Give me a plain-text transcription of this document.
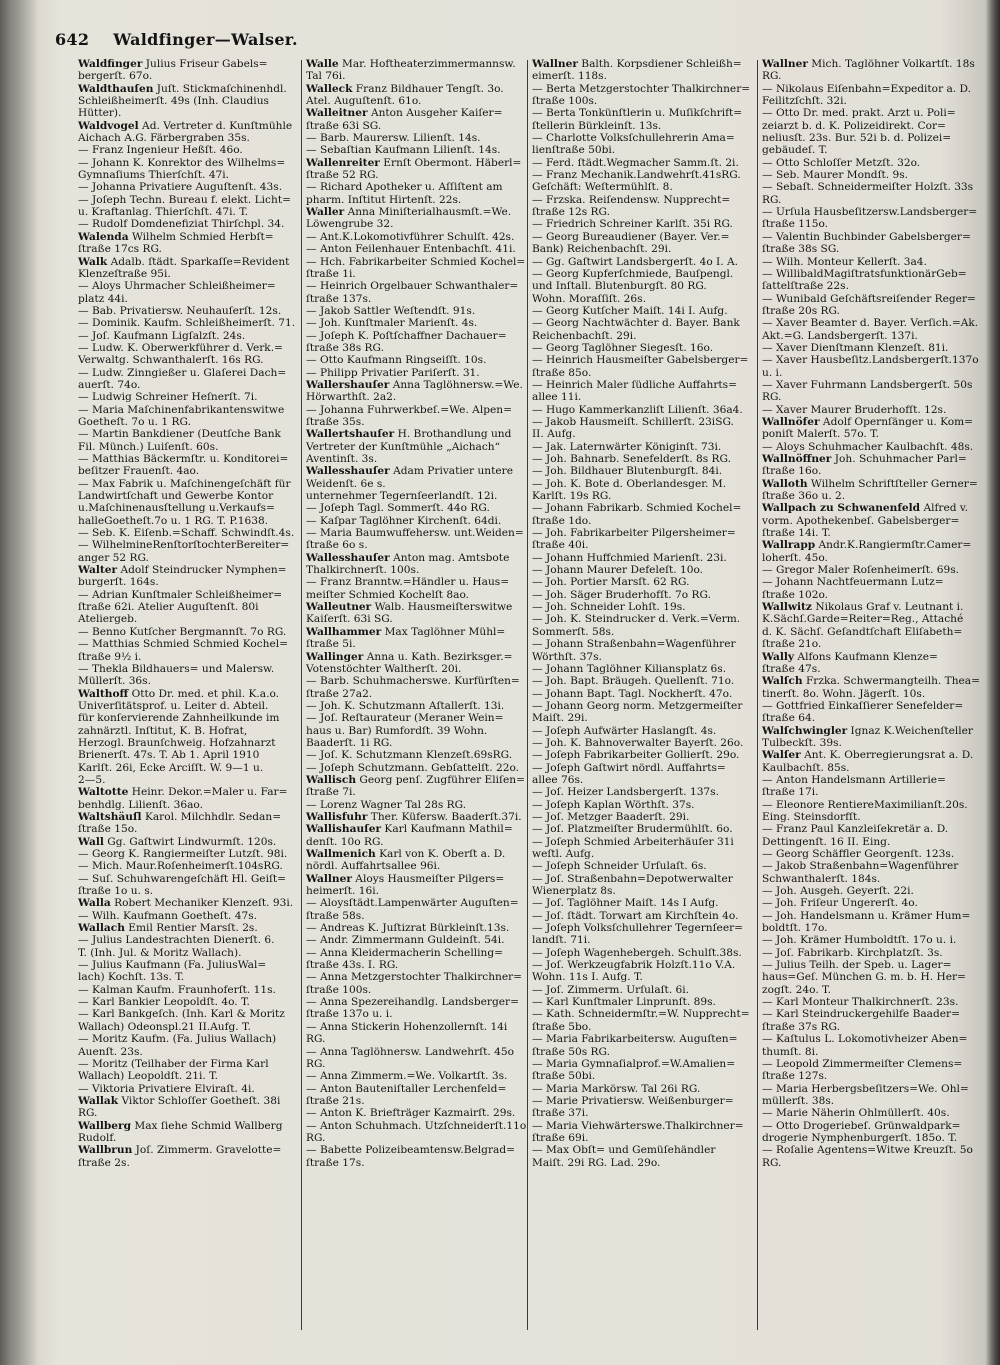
642 Waldfinger—Walser.
Waldfinger Julius Friseur Gabels=
bergerſt. 67o.
Waldthauſen Juſt. Stickmaſchinenhdl.
Schleißheimerſt. 49s (Inh. Claudius
Hütter).
Waldvogel Ad. Vertreter d. Kunſtmühle
Aichach A.G. Färbergraben 35s.
— Franz Ingenieur Heßſt. 46o.
— Johann K. Konrektor des Wilhelms=
Gymnaſiums Thierſchſt. 47i.
— Johanna Privatiere Auguſtenſt. 43s.
— Joſeph Techn. Bureau f. elekt. Licht=
u. Kraftanlag. Thierſchſt. 47i. T.
— Rudolf Domdenefiziat Thirſchpl. 34.
Walenda Wilhelm Schmied Herbſt=
ſtraße 17cs RG.
Walk Adalb. ſtädt. Sparkaſſe=Revident
Klenzeſtraße 95i.
— Aloys Uhrmacher Schleißheimer=
platz 44i.
— Bab. Privatiersw. Neuhauſerſt. 12s.
— Dominik. Kaufm. Schleißheimerſt. 71.
— Joſ. Kaufmann Ligſalzſt. 24s.
— Ludw. K. Oberwerkführer d. Verk.=
Verwaltg. Schwanthalerſt. 16s RG.
— Ludw. Zinngießer u. Glaſerei Dach=
auerſt. 74o.
— Ludwig Schreiner Heſnerſt. 7i.
— Maria Maſchinenfabrikantenswitwe
Goetheſt. 7o u. 1 RG.
— Martin Bankdiener (Deutſche Bank
Fil. Münch.) Luiſenſt. 60s.
— Matthias Bäckermſtr. u. Konditorei=
beſitzer Frauenſt. 4ao.
— Max Fabrik u. Maſchinengeſchäft für
Landwirtſchaft und Gewerbe Kontor
u.Maſchinenausſtellung u.Verkaufs=
halleGoetheſt.7o u. 1 RG. T. P.1638.
— Seb. K. Eiſenb.=Schaff. Schwindſt.4s.
— WilhelmineRenſtorſtochterBereiter=
anger 52 RG.
Walter Adolf Steindrucker Nymphen=
burgerſt. 164s.
— Adrian Kunſtmaler Schleißheimer=
ſtraße 62i. Atelier Auguſtenſt. 80i
Ateliergeb.
— Benno Kutſcher Bergmannſt. 7o RG.
— Matthias Schmied Schmied Kochel=
ſtraße 9½ i.
— Thekla Bildhauers= und Malersw.
Müllerſt. 36s.
Walthoff Otto Dr. med. et phil. K.a.o.
Univerſitätsprof. u. Leiter d. Abteil.
für konſervierende Zahnheilkunde im
zahnärztl. Inſtitut, K. B. Hofrat,
Herzogl. Braunſchweig. Hofzahnarzt
Brienerſt. 47s. T. Ab 1. April 1910
Karlſt. 26i, Ecke Arciſſt. W. 9—1 u.
2—5.
Waltotte Heinr. Dekor.=Maler u. Far=
benhdlg. Lilienſt. 36ao.
Waltshäuſl Karol. Milchhdlr. Sedan=
ſtraße 15o.
Wall Gg. Gaſtwirt Lindwurmſt. 120s.
— Georg K. Rangiermeiſter Lutzſt. 98i.
— Mich. Maur.Roſenheimerſt.104sRG.
— Suſ. Schuhwarengeſchäft Hl. Geiſt=
ſtraße 1o u. s.
Walla Robert Mechaniker Klenzeſt. 93i.
— Wilh. Kaufmann Goetheſt. 47s.
Wallach Emil Rentier Marsſt. 2s.
— Julius Landestrachten Dienerſt. 6.
T. (Inh. Jul. & Moritz Wallach).
— Julius Kaufmann (Fa. JuliusWal=
lach) Kochſt. 13s. T.
— Kalman Kaufm. Fraunhoferſt. 11s.
— Karl Bankier Leopoldſt. 4o. T.
— Karl Bankgeſch. (Inh. Karl & Moritz
Wallach) Odeonspl.21 II.Aufg. T.
— Moritz Kaufm. (Fa. Julius Wallach)
Auenſt. 23s.
— Moritz (Teilhaber der Firma Karl
Wallach) Leopoldſt. 21i. T.
— Viktoria Privatiere Elviraſt. 4i.
Wallak Viktor Schloſſer Goetheſt. 38i
RG.
Wallberg Max ſiehe Schmid Wallberg
Rudolf.
Wallbrun Joſ. Zimmerm. Gravelotte=
ſtraße 2s.
Walle Mar. Hoftheaterzimmermannsw.
Tal 76i.
Walleck Franz Bildhauer Tengſt. 3o.
Atel. Auguſtenſt. 61o.
Walleitner Anton Ausgeher Kaiſer=
ſtraße 63i SG.
— Barb. Maurersw. Lilienſt. 14s.
— Sebaſtian Kaufmann Lilienſt. 14s.
Wallenreiter Ernſt Obermont. Häberl=
ſtraße 52 RG.
— Richard Apotheker u. Aſſiſtent am
pharm. Inſtitut Hirtenſt. 22s.
Waller Anna Miniſterialhausmſt.=We.
Löwengrube 32.
— Ant.K.Lokomotivführer Schulſt. 42s.
— Anton Feilenhauer Entenbachſt. 41i.
— Hch. Fabrikarbeiter Schmied Kochel=
ſtraße 1i.
— Heinrich Orgelbauer Schwanthaler=
ſtraße 137s.
— Jakob Sattler Weſtendſt. 91s.
— Joh. Kunſtmaler Marienſt. 4s.
— Joſeph K. Poſtſchaffner Dachauer=
ſtraße 38s RG.
— Otto Kaufmann Ringseiſſt. 10s.
— Philipp Privatier Pariſerſt. 31.
Wallershauſer Anna Taglöhnersw.=We.
Hörwarthſt. 2a2.
— Johanna Fuhrwerkbeſ.=We. Alpen=
ſtraße 35s.
Wallertshauſer H. Brothandlung und
Vertreter der Kunſtmühle „Aichach“
Aventinſt. 3s.
Wallesshauſer Adam Privatier untere
Weidenſt. 6e s.
unternehmer Tegernſeerlandſt. 12i.
— Joſeph Tagl. Sommerſt. 44o RG.
— Kaſpar Taglöhner Kirchenſt. 64di.
— Maria Baumwuffehersw. unt.Weiden=
ſtraße 6o s.
Wallesshauſer Anton mag. Amtsbote
Thalkirchnerſt. 100s.
— Franz Branntw.=Händler u. Haus=
meiſter Schmied Kochelſt 8ao.
Walleutner Walb. Hausmeiſterswitwe
Kaiſerſt. 63i SG.
Wallhammer Max Taglöhner Mühl=
ſtraße 5i.
Wallinger Anna u. Kath. Bezirksger.=
Votenstöchter Waltherſt. 20i.
— Barb. Schuhmacherswe. Kurfürſten=
ſtraße 27a2.
— Joh. K. Schutzmann Aſtallerſt. 13i.
— Joſ. Reſtaurateur (Meraner Wein=
haus u. Bar) Rumfordſt. 39 Wohn.
Baaderſt. 1i RG.
— Joſ. K. Schutzmann Klenzeſt.69sRG.
— Joſeph Schutzmann. Gebſattelſt. 22o.
Wallisch Georg penſ. Zugführer Eliſen=
ſtraße 7i.
— Lorenz Wagner Tal 28s RG.
Wallisfuhr Ther. Küfersw. Baaderſt.37i.
Wallishauſer Karl Kaufmann Mathil=
denſt. 10o RG.
Wallmenich Karl von K. Oberſt a. D.
nördl. Auffahrtsallee 96i.
Wallner Aloys Hausmeiſter Pilgers=
heimerſt. 16i.
— Aloysſtädt.Lampenwärter Auguſten=
ſtraße 58s.
— Andreas K. Juſtizrat Bürkleinſt.13s.
— Andr. Zimmermann Guldeinſt. 54i.
— Anna Kleidermacherin Schelling=
ſtraße 43s. I. RG.
— Anna Metzgerstochter Thalkirchner=
ſtraße 100s.
— Anna Spezereihandlg. Landsberger=
ſtraße 137o u. i.
— Anna Stickerin Hohenzollernſt. 14i
RG.
— Anna Taglöhnersw. Landwehrſt. 45o
RG.
— Anna Zimmerm.=We. Volkartſt. 3s.
— Anton Bauteniſtaller Lerchenfeld=
ſtraße 21s.
— Anton K. Briefträger Kazmairſt. 29s.
— Anton Schuhmach. Utzſchneiderſt.11o
RG.
— Babette Polizeibeamtensw.Belgrad=
ſtraße 17s.
Wallner Balth. Korpsdiener Schleißh=
eimerſt. 118s.
— Berta Metzgerstochter Thalkirchner=
ſtraße 100s.
— Berta Tonkünſtlerin u. Muſikſchrift=
ſtellerin Bürkleinſt. 13s.
— Charlotte Volksſchullehrerin Ama=
lienſtraße 50bi.
— Ferd. ſtädt.Wegmacher Samm.ſt. 2i.
— Franz Mechanik.Landwehrſt.41sRG.
Geſchäft: Weſtermühlſt. 8.
— Frzska. Reiſendensw. Nupprecht=
ſtraße 12s RG.
— Friedrich Schreiner Karlſt. 35i RG.
— Georg Bureaudiener (Bayer. Ver.=
Bank) Reichenbachſt. 29i.
— Gg. Gaſtwirt Landsbergerſt. 4o I. A.
— Georg Kupferſchmiede, Bauſpengl.
und Inſtall. Blutenburgſt. 80 RG.
Wohn. Moraſſiſt. 26s.
— Georg Kutſcher Maiſt. 14i I. Aufg.
— Georg Nachtwächter d. Bayer. Bank
Reichenbachſt. 29i.
— Georg Taglöhner Siegesſt. 16o.
— Heinrich Hausmeiſter Gabelsberger=
ſtraße 85o.
— Heinrich Maler ſüdliche Auffahrts=
allee 11i.
— Hugo Kammerkanzliſt Lilienſt. 36a4.
— Jakob Hausmeiſt. Schillerſt. 23iSG.
II. Aufg.
— Jak. Laternwärter Königinſt. 73i.
— Joh. Bahnarb. Senefelderſt. 8s RG.
— Joh. Bildhauer Blutenburgſt. 84i.
— Joh. K. Bote d. Oberlandesger. M.
Karlſt. 19s RG.
— Johann Fabrikarb. Schmied Kochel=
ſtraße 1do.
— Joh. Fabrikarbeiter Pilgersheimer=
ſtraße 40i.
— Johann Huffchmied Marienſt. 23i.
— Johann Maurer Defeleſt. 10o.
— Joh. Portier Marsſt. 62 RG.
— Joh. Säger Bruderhofſt. 7o RG.
— Joh. Schneider Lohſt. 19s.
— Joh. K. Steindrucker d. Verk.=Verm.
Sommerſt. 58s.
— Johann Straßenbahn=Wagenführer
Wörthſt. 37s.
— Johann Taglöhner Kiliansplatz 6s.
— Joh. Bapt. Bräugeh. Quellenſt. 71o.
— Johann Bapt. Tagl. Nockherſt. 47o.
— Johann Georg norm. Metzgermeiſter
Maiſt. 29i.
— Joſeph Aufwärter Haslangſt. 4s.
— Joh. K. Bahnoverwalter Bayerſt. 26o.
— Joſeph Fabrikarbeiter Gollierſt. 29o.
— Joſeph Gaſtwirt nördl. Auffahrts=
allee 76s.
— Joſ. Heizer Landsbergerſt. 137s.
— Joſeph Kaplan Wörthſt. 37s.
— Joſ. Metzger Baaderſt. 29i.
— Joſ. Platzmeiſter Brudermühlſt. 6o.
— Joſeph Schmied Arbeiterhäuſer 31i
weſtl. Aufg.
— Joſeph Schneider Urſulaſt. 6s.
— Joſ. Straßenbahn=Depotwerwalter
Wienerplatz 8s.
— Joſ. Taglöhner Maiſt. 14s I Aufg.
— Joſ. ſtädt. Torwart am Kirchſtein 4o.
— Joſeph Volksſchullehrer Tegernſeer=
landſt. 71i.
— Joſeph Wagenhebergeh. Schulſt.38s.
— Joſ. Werkzeugfabrik Holzſt.11o V.A.
Wohn. 11s I. Aufg. T.
— Joſ. Zimmerm. Urſulaſt. 6i.
— Karl Kunſtmaler Linprunſt. 89s.
— Kath. Schneidermſtr.=W. Nupprecht=
ſtraße 5bo.
— Maria Fabrikarbeitersw. Auguſten=
ſtraße 50s RG.
— Maria Gymnaſialprof.=W.Amalien=
ſtraße 50bi.
— Maria Markörsw. Tal 26i RG.
— Marie Privatiersw. Weißenburger=
ſtraße 37i.
— Maria Viehwärterswe.Thalkirchner=
ſtraße 69i.
— Max Obſt= und Gemüſehändler
Maiſt. 29i RG. Lad. 29o.
Wallner Mich. Taglöhner Volkartſt. 18s
RG.
— Nikolaus Eiſenbahn=Expeditor a. D.
Feilitzſchſt. 32i.
— Otto Dr. med. prakt. Arzt u. Poli=
zeiarzt b. d. K. Polizeidirekt. Cor=
neliusſt. 23s. Bur. 52i b. d. Polizei=
gebäudeſ. T.
— Otto Schloſſer Metzſt. 32o.
— Seb. Maurer Mondſt. 9s.
— Sebaſt. Schneidermeiſter Holzſt. 33s
RG.
— Urſula Hausbeſitzersw.Landsberger=
ſtraße 115o.
— Valentin Buchbinder Gabelsberger=
ſtraße 38s SG.
— Wilh. Monteur Kellerſt. 3a4.
— WillibaldMagiſtratsfunktionärGeb=
ſattelſtraße 22s.
— Wunibald Geſchäftsreiſender Reger=
ſtraße 20s RG.
— Xaver Beamter d. Bayer. Verſich.=Ak.
Akt.=G. Landsbergerſt. 137i.
— Xaver Dienſtmann Klenzeſt. 81i.
— Xaver Hausbeſitz.Landsbergerſt.137o
u. i.
— Xaver Fuhrmann Landsbergerſt. 50s
RG.
— Xaver Maurer Bruderhofſt. 12s.
Wallnöfer Adolf Opernſänger u. Kom=
poniſt Malerſt. 57o. T.
— Aloys Schuhmacher Kaulbachſt. 48s.
Wallnöffner Joh. Schuhmacher Parl=
ſtraße 16o.
Walloth Wilhelm Schriftſteller Gerner=
ſtraße 36o u. 2.
Wallpach zu Schwanenfeld Alfred v.
vorm. Apothekenbeſ. Gabelsberger=
ſtraße 14i. T.
Wallrapp Andr.K.Rangiermſtr.Camer=
loherſt. 45o.
— Gregor Maler Roſenheimerſt. 69s.
— Johann Nachtfeuermann Lutz=
ſtraße 102o.
Wallwitz Nikolaus Graf v. Leutnant i.
K.Sächſ.Garde=Reiter=Reg., Attaché
d. K. Sächſ. Geſandtſchaft Eliſabeth=
ſtraße 21o.
Wally Alfons Kaufmann Klenze=
ſtraße 47s.
Walſch Frzka. Schwermangteilh. Thea=
tinerſt. 8o. Wohn. Jägerſt. 10s.
— Gottfried Einkaſſierer Senefelder=
ſtraße 64.
Walſchwingler Ignaz K.Weichenſteller
Tulbeckſt. 39s.
Walſer Ant. K. Oberregierungsrat a. D.
Kaulbachſt. 85s.
— Anton Handelsmann Artillerie=
ſtraße 17i.
— Eleonore RentiereMaximilianſt.20s.
Eing. Steinsdorfſt.
— Franz Paul Kanzleiſekretär a. D.
Dettingenſt. 16 II. Eing.
— Georg Schäffler Georgenſt. 123s.
— Jakob Straßenbahn=Wagenführer
Schwanthalerſt. 184s.
— Joh. Ausgeh. Geyerſt. 22i.
— Joh. Friſeur Ungererſt. 4o.
— Joh. Handelsmann u. Krämer Hum=
boldtſt. 17o.
— Joh. Krämer Humboldtſt. 17o u. i.
— Joſ. Fabrikarb. Kirchplatzſt. 3s.
— Julius Teilh. der Speb. u. Lager=
haus=Geſ. München G. m. b. H. Her=
zogſt. 24o. T.
— Karl Monteur Thalkirchnerſt. 23s.
— Karl Steindruckergehilfe Baader=
ſtraße 37s RG.
— Kaſtulus L. Lokomotivheizer Aben=
thumſt. 8i.
— Leopold Zimmermeiſter Clemens=
ſtraße 127s.
— Maria Herbergsbeſitzers=We. Ohl=
müllerſt. 38s.
— Marie Näherin Ohlmüllerſt. 40s.
— Otto Drogeriebeſ. Grünwaldpark=
drogerie Nymphenburgerſt. 185o. T.
— Roſalie Agentens=Witwe Kreuzſt. 5o
RG.
